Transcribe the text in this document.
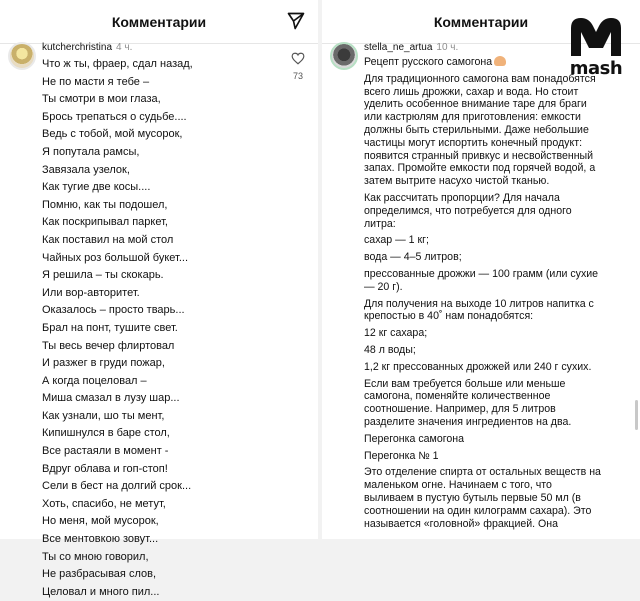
Комментарии
kutcherchristina 4 ч.
Что ж ты, фраер, сдал назад,
Не по масти я тебе –
Ты смотри в мои глаза,
Брось трепаться о судьбе....
Ведь с тобой, мой мусорок,
Я попутала рамсы,
Завязала узелок,
Как тугие две косы....
Помню, как ты подошел,
Как поскрипывал паркет,
Как поставил на мой стол
Чайных роз большой букет...
Я решила – ты скокарь.
Или вор-авторитет.
Оказалось – просто тварь...
Брал на понт, тушите свет.
Ты весь вечер флиртовал
И разжег в груди пожар,
А когда поцеловал –
Миша смазал в лузу шар...
Как узнали, шо ты мент,
Кипишнулся в баре стол,
Все растаяли в момент -
Вдруг облава и гоп-стоп!
Сели в бест на долгий срок...
Хоть, спасибо, не метут,
Но меня, мой мусорок,
Все ментовкою зовут...
Ты со мною говорил,
Не разбрасывая слов,
Целовал и много пил...
73
Комментарии
stella_ne_artua 10 ч.

Рецепт русского самогона

Для традиционного самогона вам понадобятся всего лишь дрожжи, сахар и вода. Но стоит уделить особенное внимание таре для браги или кастрюлям для приготовления: емкости должны быть стерильными. Даже небольшие частицы могут испортить конечный продукт: появится странный привкус и несвойственный запах. Промойте емкости под горячей водой, а затем вытрите насухо чистой тканью.

Как рассчитать пропорции? Для начала определимся, что потребуется для одного литра:

сахар — 1 кг;

вода — 4–5 литров;

прессованные дрожжи — 100 грамм (или сухие — 20 г).

Для получения на выходе 10 литров напитка с крепостью в 40˚ нам понадобятся:

12 кг сахара;

48 л воды;

1,2 кг прессованных дрожжей или 240 г сухих.

Если вам требуется больше или меньше самогона, поменяйте количественное соотношение. Например, для 5 литров разделите значения ингредиентов на два.

Перегонка самогона

Перегонка № 1

Это отделение спирта от остальных веществ на маленьком огне. Начинаем с того, что выливаем в пустую бутыль первые 50 мл (в соотношении на один килограмм сахара). Это называется «головной» фракцией. Она

mash
